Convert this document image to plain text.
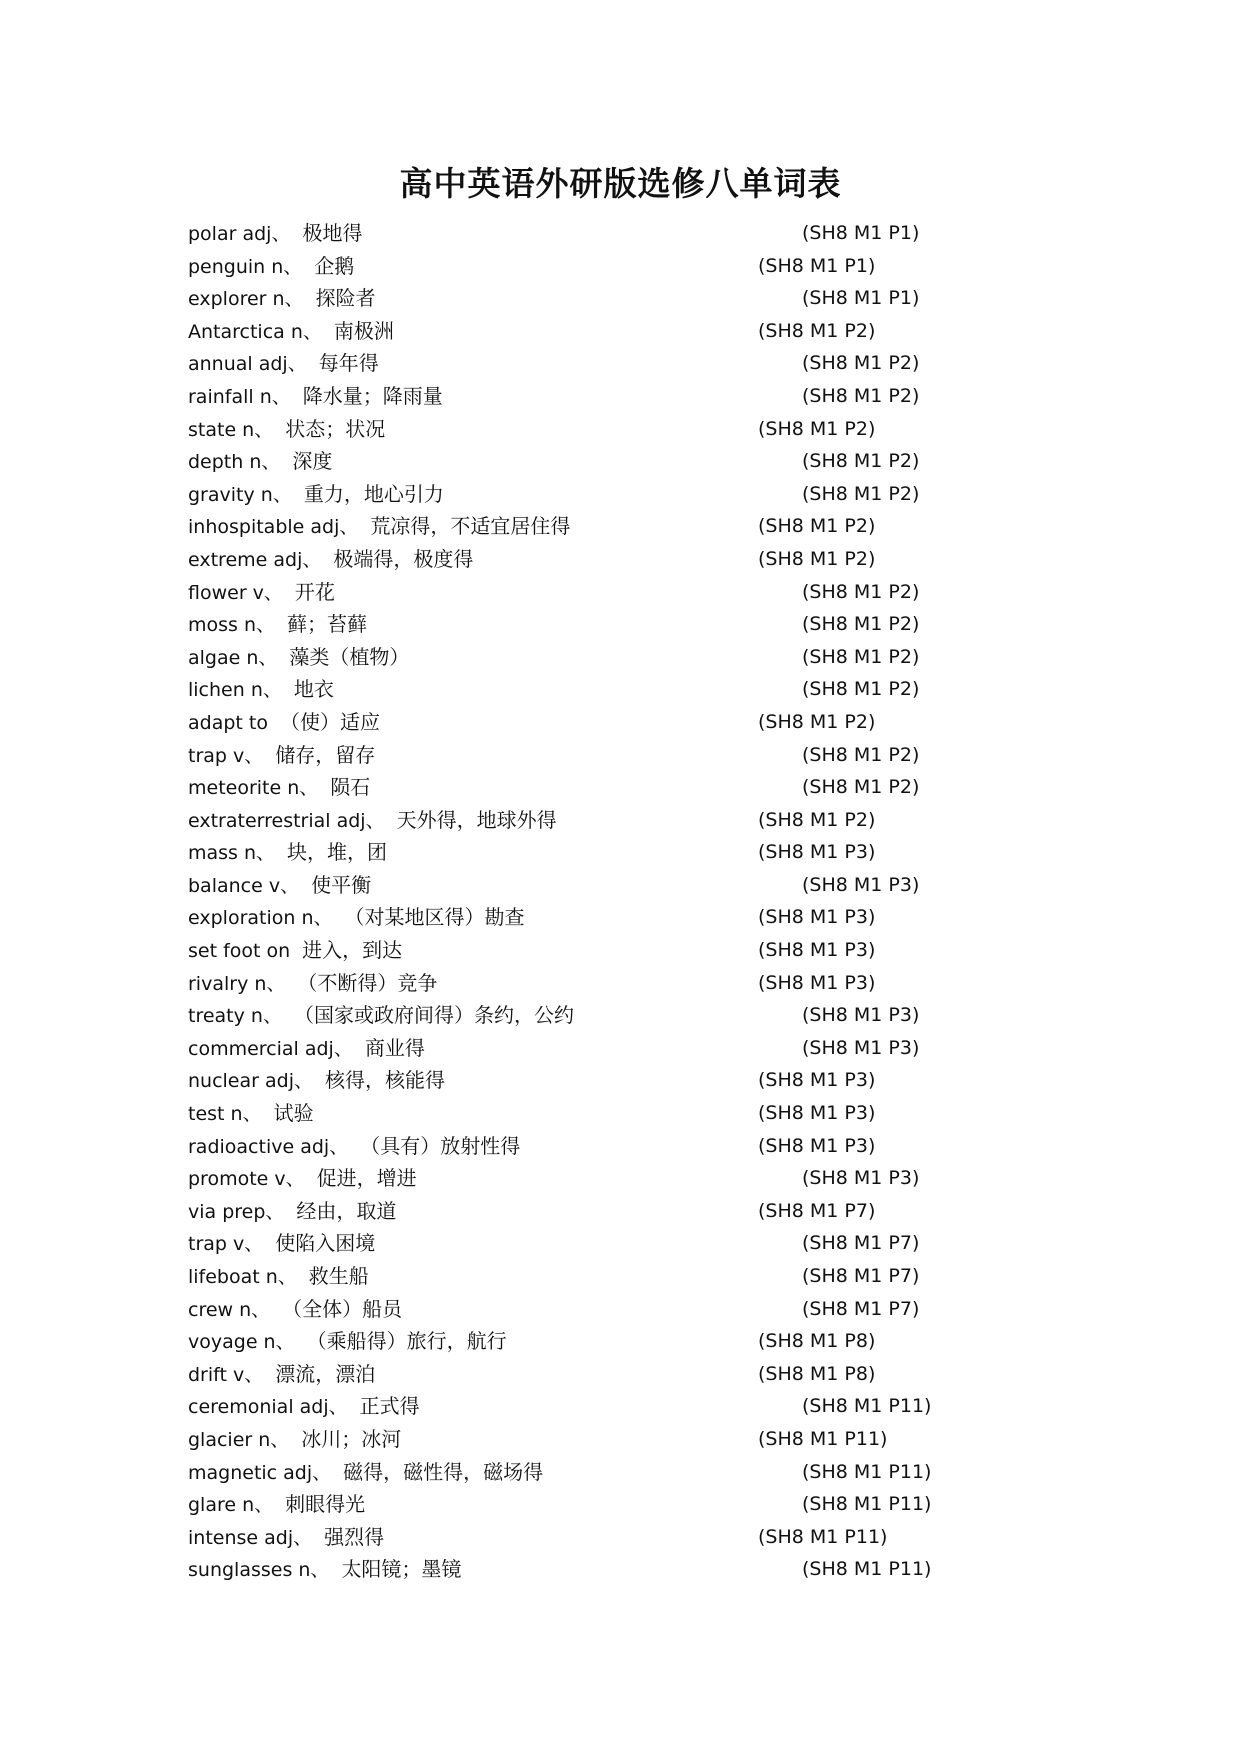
高中英语外研版选修八单词表
polar adj、 极地得	(SH8 M1 P1)
penguin n、 企鹅	(SH8 M1 P1)
explorer n、 探险者	(SH8 M1 P1)
Antarctica n、 南极洲	(SH8 M1 P2)
annual adj、 每年得	(SH8 M1 P2)
rainfall n、 降水量；降雨量	(SH8 M1 P2)
state n、 状态；状况	(SH8 M1 P2)
depth n、 深度	(SH8 M1 P2)
gravity n、 重力，地心引力	(SH8 M1 P2)
inhospitable adj、 荒凉得，不适宜居住得	(SH8 M1 P2)
extreme adj、 极端得，极度得	(SH8 M1 P2)
flower v、 开花	(SH8 M1 P2)
moss n、 藓；苔藓	(SH8 M1 P2)
algae n、 藻类（植物）	(SH8 M1 P2)
lichen n、 地衣	(SH8 M1 P2)
adapt to （使）适应	(SH8 M1 P2)
trap v、 储存，留存	(SH8 M1 P2)
meteorite n、 陨石	(SH8 M1 P2)
extraterrestrial adj、 天外得，地球外得	(SH8 M1 P2)
mass n、 块，堆，团	(SH8 M1 P3)
balance v、 使平衡	(SH8 M1 P3)
exploration n、 （对某地区得）勘查	(SH8 M1 P3)
set foot on 进入，到达	(SH8 M1 P3)
rivalry n、 （不断得）竞争	(SH8 M1 P3)
treaty n、 （国家或政府间得）条约，公约	(SH8 M1 P3)
commercial adj、 商业得	(SH8 M1 P3)
nuclear adj、 核得，核能得	(SH8 M1 P3)
test n、 试验	(SH8 M1 P3)
radioactive adj、 （具有）放射性得	(SH8 M1 P3)
promote v、 促进，增进	(SH8 M1 P3)
via prep、 经由，取道	(SH8 M1 P7)
trap v、 使陷入困境	(SH8 M1 P7)
lifeboat n、 救生船	(SH8 M1 P7)
crew n、 （全体）船员	(SH8 M1 P7)
voyage n、 （乘船得）旅行，航行	(SH8 M1 P8)
drift v、 漂流，漂泊	(SH8 M1 P8)
ceremonial adj、 正式得	(SH8 M1 P11)
glacier n、 冰川；冰河	(SH8 M1 P11)
magnetic adj、 磁得，磁性得，磁场得	(SH8 M1 P11)
glare n、 刺眼得光	(SH8 M1 P11)
intense adj、 强烈得	(SH8 M1 P11)
sunglasses n、 太阳镜；墨镜	(SH8 M1 P11)
